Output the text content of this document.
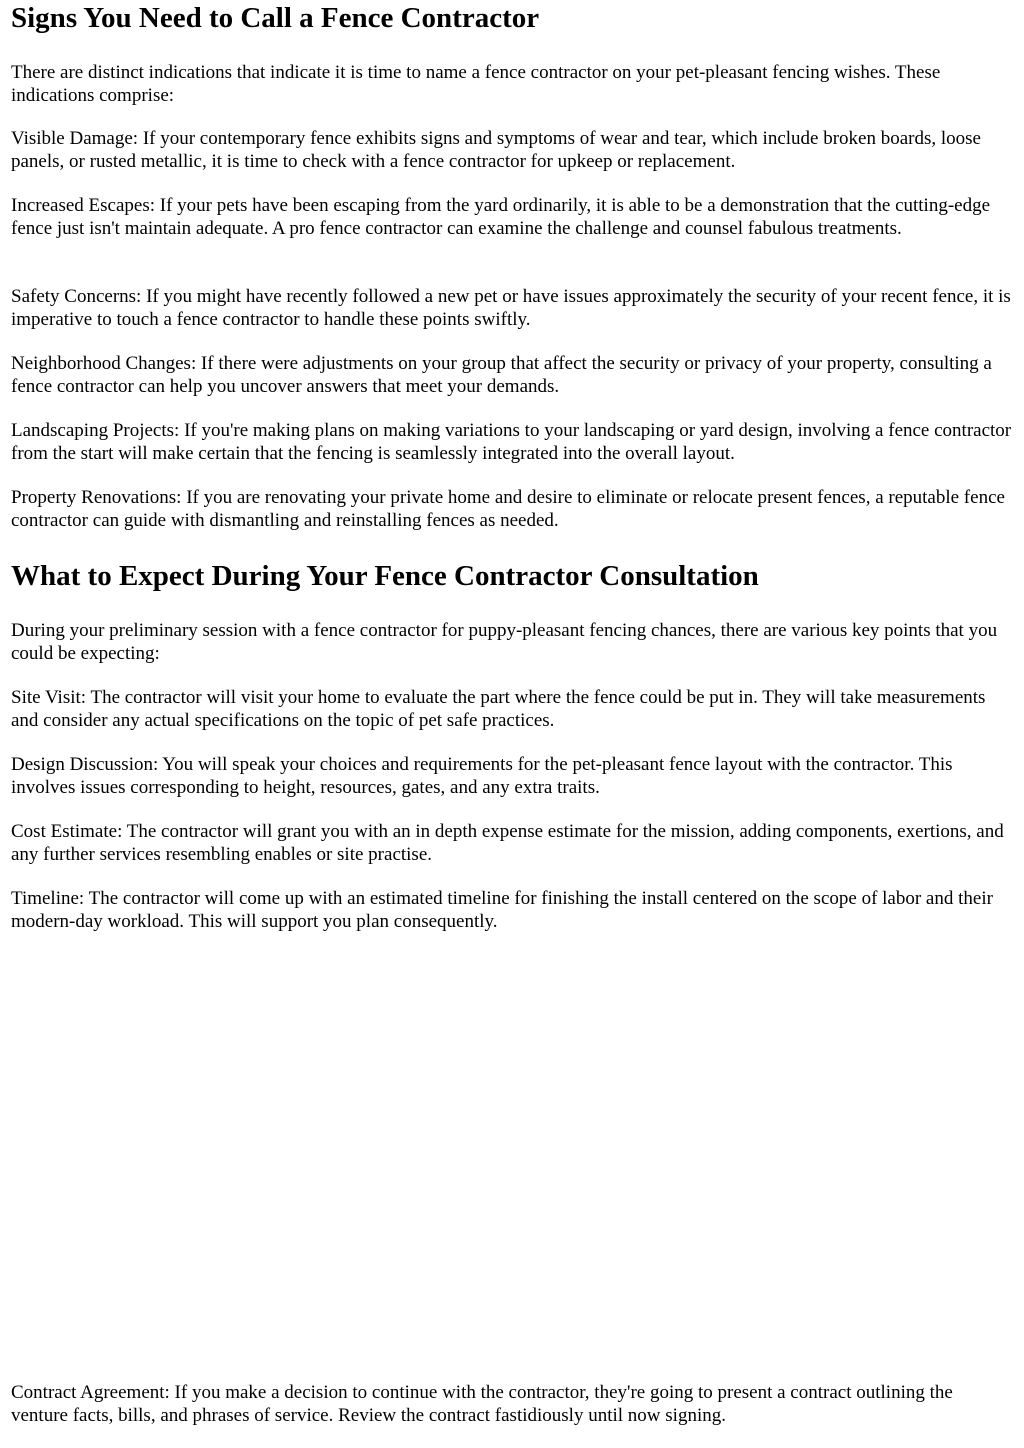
Signs You Need to Call a Fence Contractor

There are distinct indications that indicate it is time to name a fence contractor on your pet-pleasant fencing wishes. These indications comprise:

Visible Damage: If your contemporary fence exhibits signs and symptoms of wear and tear, which include broken boards, loose panels, or rusted metallic, it is time to check with a fence contractor for upkeep or replacement.

Increased Escapes: If your pets have been escaping from the yard ordinarily, it is able to be a demonstration that the cutting-edge fence just isn't maintain adequate. A pro fence contractor can examine the challenge and counsel fabulous treatments.

Safety Concerns: If you might have recently followed a new pet or have issues approximately the security of your recent fence, it is imperative to touch a fence contractor to handle these points swiftly.

Neighborhood Changes: If there were adjustments on your group that affect the security or privacy of your property, consulting a fence contractor can help you uncover answers that meet your demands.

Landscaping Projects: If you're making plans on making variations to your landscaping or yard design, involving a fence contractor from the start will make certain that the fencing is seamlessly integrated into the overall layout.

Property Renovations: If you are renovating your private home and desire to eliminate or relocate present fences, a reputable fence contractor can guide with dismantling and reinstalling fences as needed.

What to Expect During Your Fence Contractor Consultation

During your preliminary session with a fence contractor for puppy-pleasant fencing chances, there are various key points that you could be expecting:

Site Visit: The contractor will visit your home to evaluate the part where the fence could be put in. They will take measurements and consider any actual specifications on the topic of pet safe practices.

Design Discussion: You will speak your choices and requirements for the pet-pleasant fence layout with the contractor. This involves issues corresponding to height, resources, gates, and any extra traits.

Cost Estimate: The contractor will grant you with an in depth expense estimate for the mission, adding components, exertions, and any further services resembling enables or site practise.

Timeline: The contractor will come up with an estimated timeline for finishing the install centered on the scope of labor and their modern-day workload. This will support you plan consequently.

Contract Agreement: If you make a decision to continue with the contractor, they're going to present a contract outlining the venture facts, bills, and phrases of service. Review the contract fastidiously until now signing.
